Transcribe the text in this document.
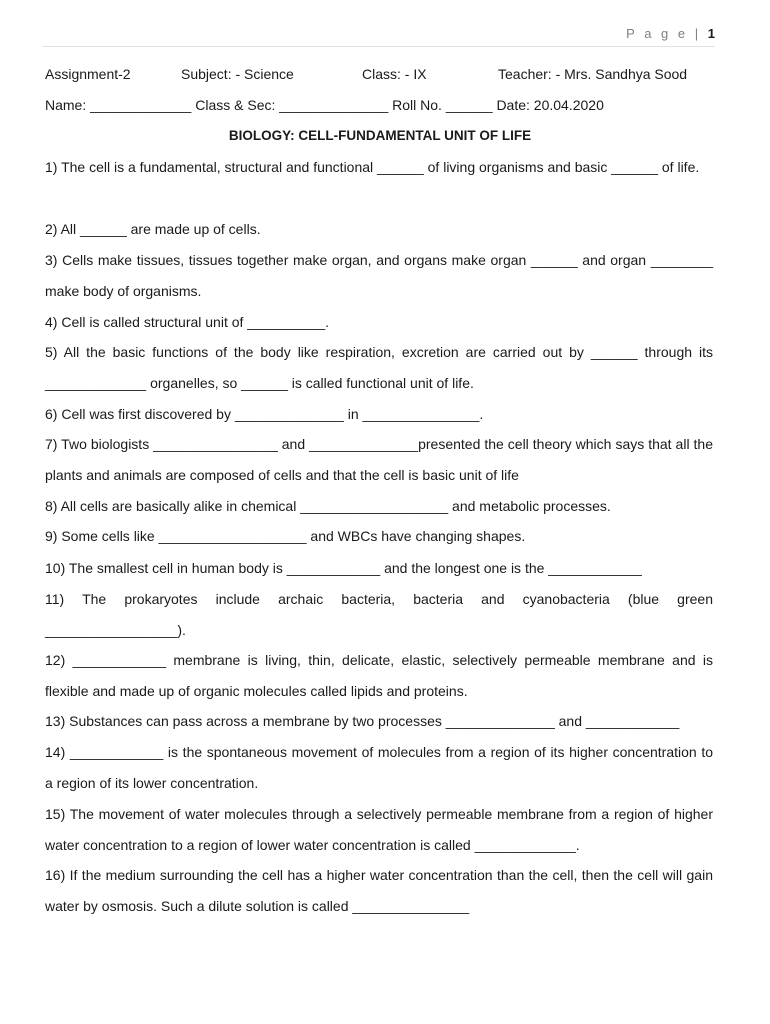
P a g e | 1
Assignment-2	Subject: - Science	Class: - IX	Teacher: - Mrs. Sandhya Sood
Name: _____________ Class & Sec: ______________ Roll No. ______ Date: 20.04.2020
BIOLOGY: CELL-FUNDAMENTAL UNIT OF LIFE
1) The cell is a fundamental, structural and functional ______ of living organisms and basic ______ of life.
2) All ______ are made up of cells.
3) Cells make tissues, tissues together make organ, and organs make organ ______ and organ ________ make body of organisms.
4) Cell is called structural unit of __________.
5) All the basic functions of the body like respiration, excretion are carried out by ______ through its _____________ organelles, so ______ is called functional unit of life.
6) Cell was first discovered by ______________ in _______________.
7) Two biologists ________________ and ______________presented the cell theory which says that all the plants and animals are composed of cells and that the cell is basic unit of life
8) All cells are basically alike in chemical ___________________ and metabolic processes.
9) Some cells like ___________________ and WBCs have changing shapes.
10) The smallest cell in human body is ____________ and the longest one is the ____________
11) The prokaryotes include archaic bacteria, bacteria and cyanobacteria (blue green _________________).
12) ____________ membrane is living, thin, delicate, elastic, selectively permeable membrane and is flexible and made up of organic molecules called lipids and proteins.
13) Substances can pass across a membrane by two processes ______________ and ____________
14) ____________ is the spontaneous movement of molecules from a region of its higher concentration to a region of its lower concentration.
15) The movement of water molecules through a selectively permeable membrane from a region of higher water concentration to a region of lower water concentration is called _____________.
16) If the medium surrounding the cell has a higher water concentration than the cell, then the cell will gain water by osmosis. Such a dilute solution is called _______________
